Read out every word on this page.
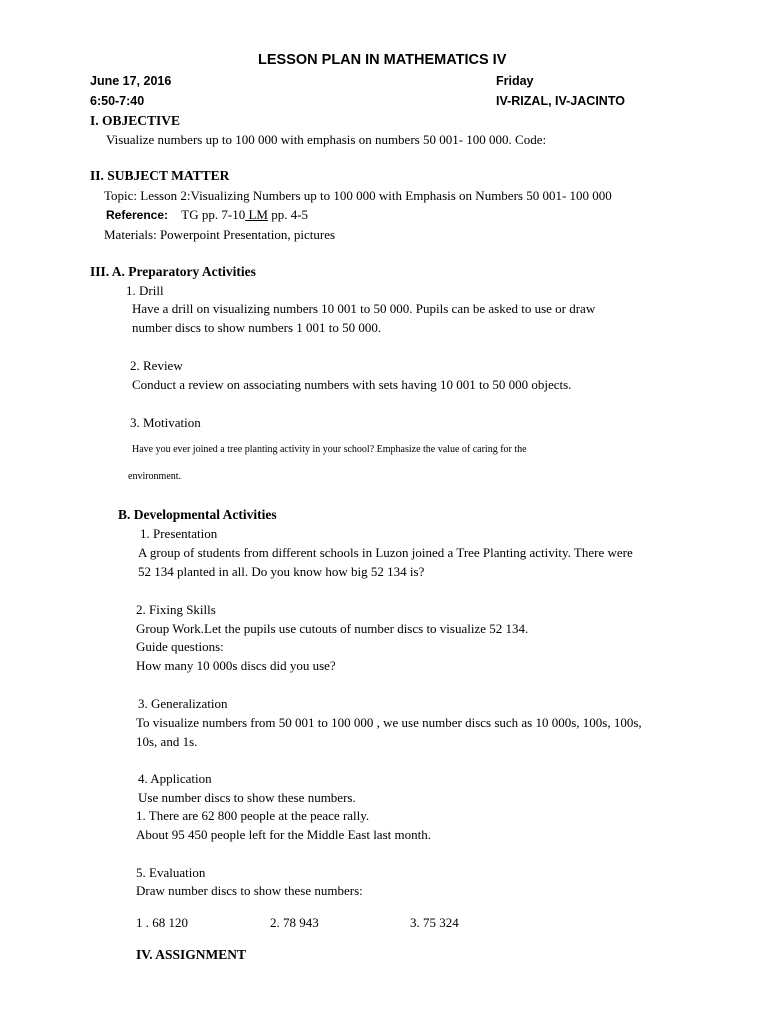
LESSON PLAN IN MATHEMATICS IV
June 17, 2016	Friday
6:50-7:40	IV-RIZAL, IV-JACINTO
I. OBJECTIVE
Visualize numbers up to 100 000 with emphasis on numbers 50 001- 100 000. Code:
II. SUBJECT MATTER
Topic: Lesson 2:Visualizing Numbers up to 100 000 with Emphasis on Numbers 50 001- 100 000
Reference: TG pp. 7-10 LM pp. 4-5
Materials: Powerpoint Presentation, pictures
III. A. Preparatory Activities
1. Drill
Have a drill on visualizing numbers 10 001 to 50 000. Pupils can be asked to use or draw
number discs to show numbers 1 001 to 50 000.
2. Review
Conduct a review on associating numbers with sets having 10 001 to 50 000 objects.
3. Motivation
Have you ever joined a tree planting activity in your school? Emphasize the value of caring for the
environment.
B. Developmental Activities
1. Presentation
A group of students from different schools in Luzon joined a Tree Planting activity. There were
52 134 planted in all. Do you know how big 52 134 is?
2. Fixing Skills
Group Work.Let the pupils use cutouts of number discs to visualize 52 134.
Guide questions:
How many 10 000s discs did you use?
3. Generalization
To visualize numbers from 50 001 to 100 000 , we use number discs such as 10 000s, 100s, 100s,
10s, and 1s.
4. Application
Use number discs to show these numbers.
1. There are 62 800 people at the peace rally.
About 95 450 people left for the Middle East last month.
5. Evaluation
Draw number discs to show these numbers:
1 . 68 120	2. 78 943	3. 75 324
IV. ASSIGNMENT
